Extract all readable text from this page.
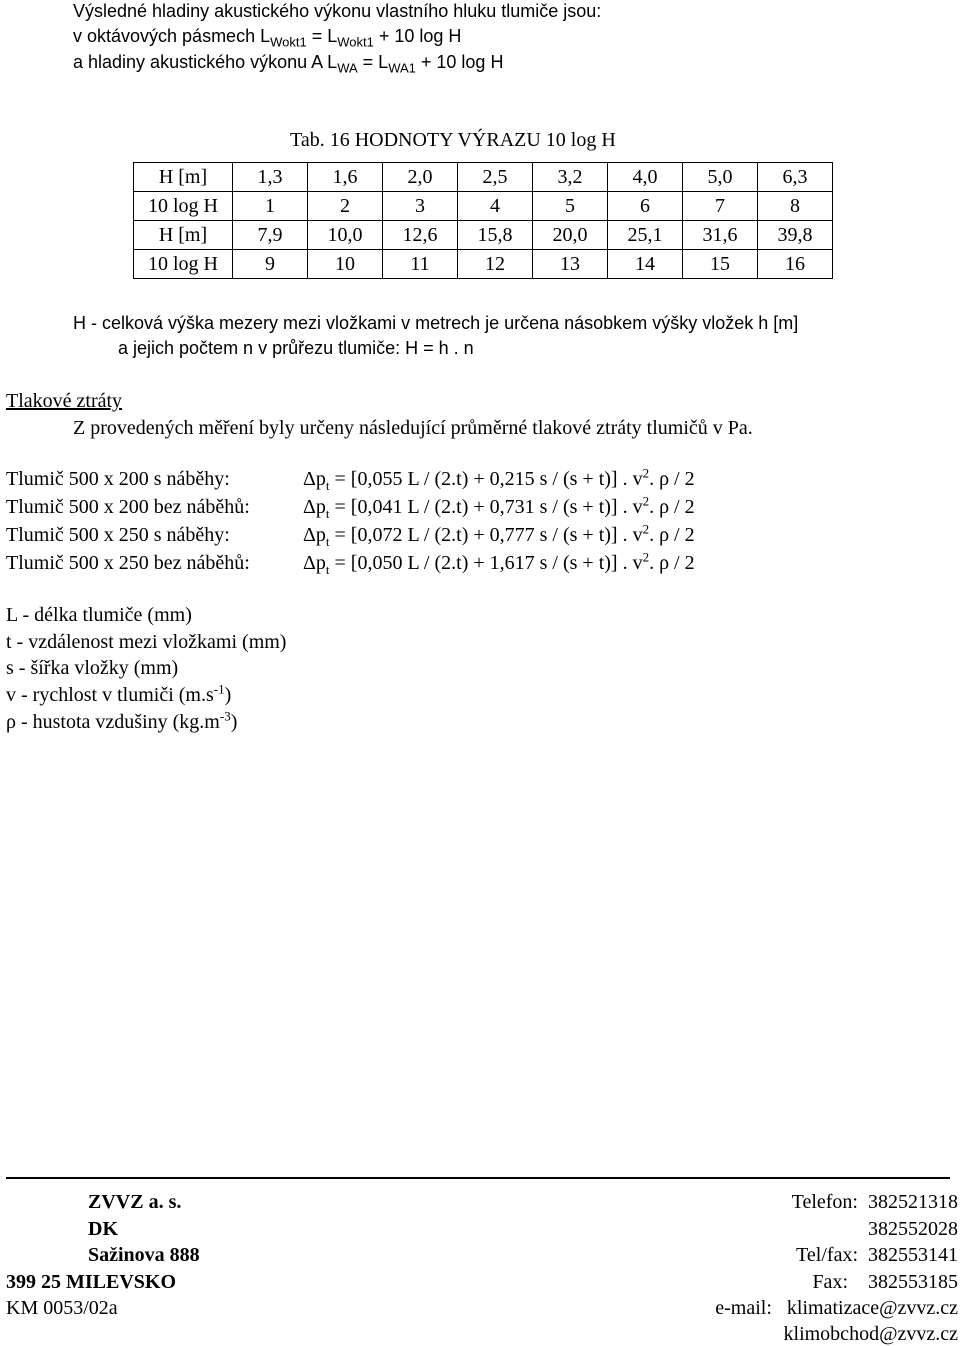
Výsledné hladiny akustického výkonu vlastního hluku tlumiče jsou:
v oktávových pásmech $L_{Wokt1} = L_{Wokt1} + 10$ log H
a hladiny akustického výkonu A $L_{WA} = L_{WA1} + 10$ log H
Tab. 16 HODNOTY VÝRAZU 10 log H
H [m]	1,3	1,6	2,0	2,5	3,2	4,0	5,0	6,3
10 log H	1	2	3	4	5	6	7	8
H [m]	7,9	10,0	12,6	15,8	20,0	25,1	31,6	39,8
10 log H	9	10	11	12	13	14	15	16
H - celková výška mezery mezi vložkami v metrech je určena násobkem výšky vložek h [m]
a jejich počtem n v průřezu tlumiče: H = h . n
Tlakové ztráty
Z provedených měření byly určeny následující průměrné tlakové ztráty tlumičů v Pa.
Tlumič 500 x 200 s náběhy:	$\Delta p_t = [0,055$ L / (2.t) + 0,215 s / (s + t)] . $v^2$. ρ / 2
Tlumič 500 x 200 bez náběhů:	$\Delta p_t = [0,041$ L / (2.t) + 0,731 s / (s + t)] . $v^2$. ρ / 2
Tlumič 500 x 250 s náběhy:	$\Delta p_t = [0,072$ L / (2.t) + 0,777 s / (s + t)] . $v^2$. ρ / 2
Tlumič 500 x 250 bez náběhů:	$\Delta p_t = [0,050$ L / (2.t) + 1,617 s / (s + t)] . $v^2$. ρ / 2
L - délka tlumiče (mm)
t - vzdálenost mezi vložkami (mm)
s - šířka vložky (mm)
v - rychlost v tlumiči $(m.s^{-1})$
ρ - hustota vzdušiny $(kg.m^{-3})$
ZVVZ a. s.
DK
Sažinova 888
399 25 MILEVSKO
KM 0053/02a
Telefon: 382521318
382552028
Tel/fax: 382553141
Fax: 382553185
e-mail: klimatizace@zvvz.cz
klimobchod@zvvz.cz
